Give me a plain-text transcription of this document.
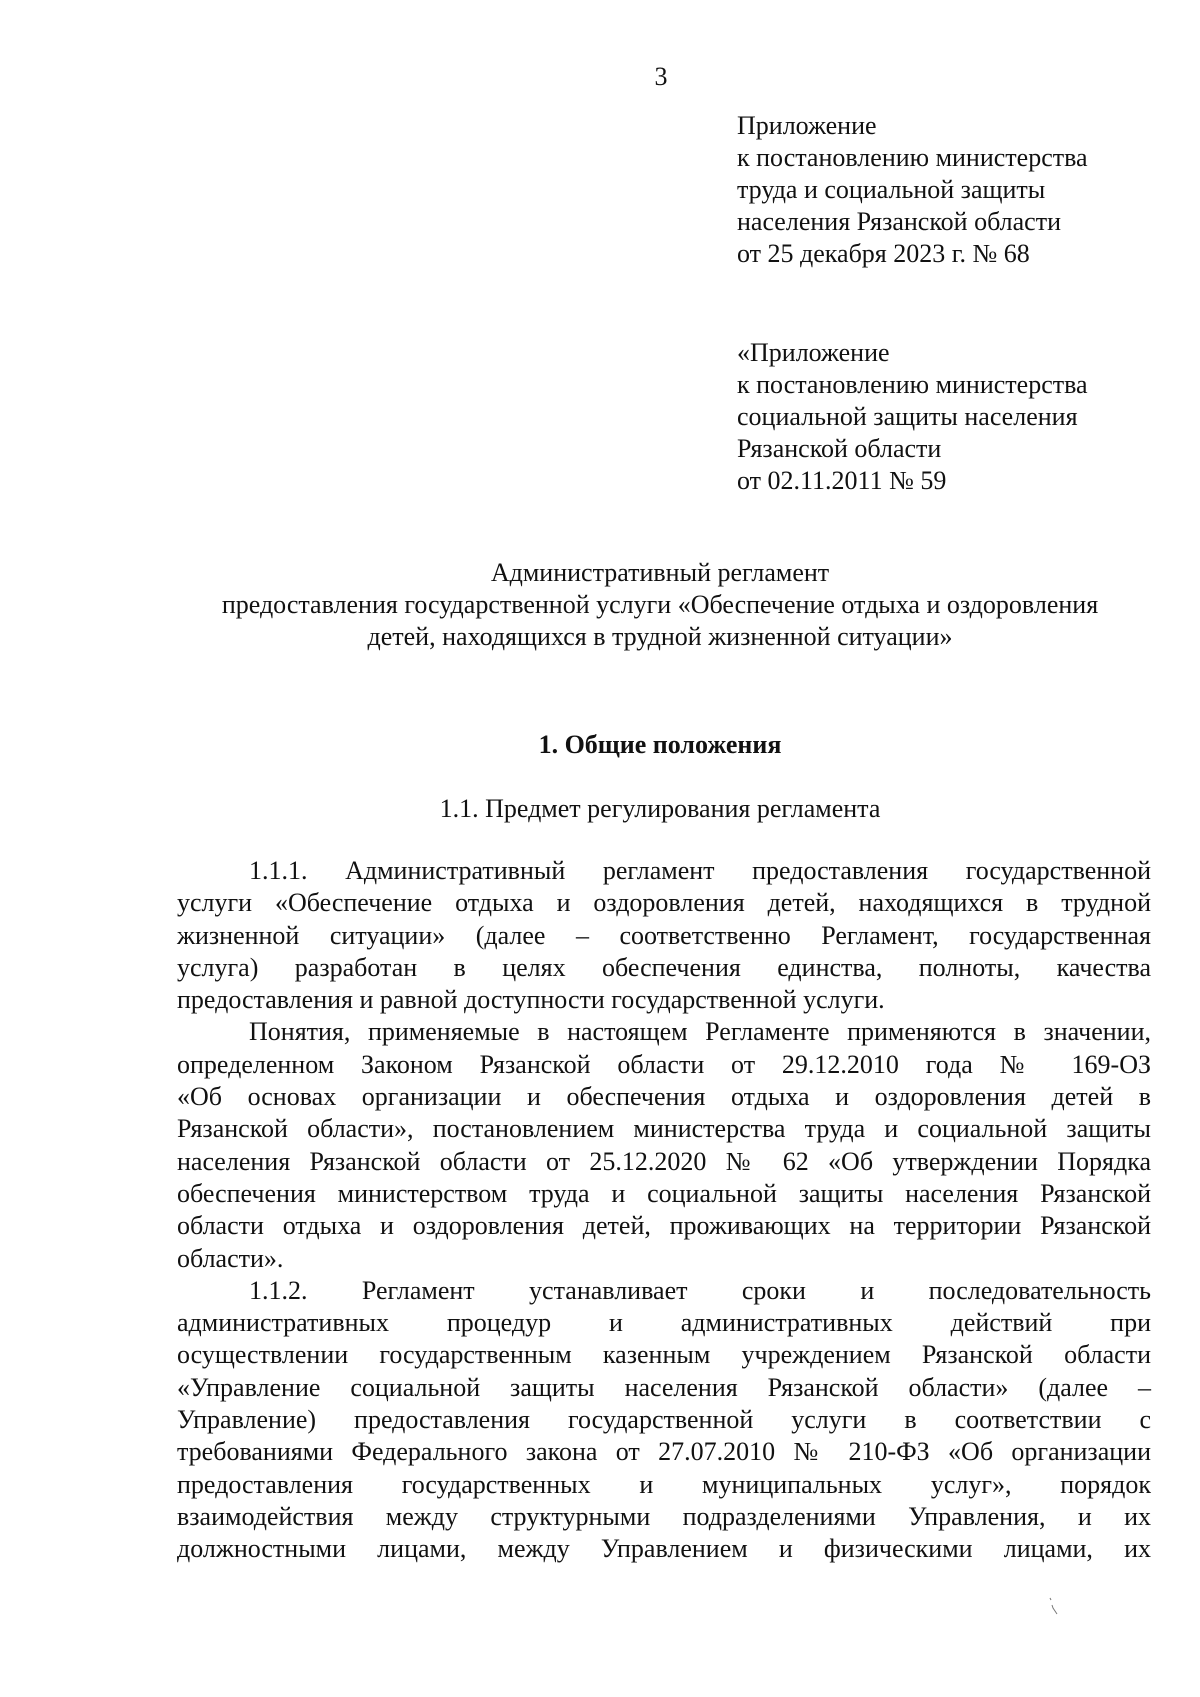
3
Приложение
к постановлению министерства
труда и социальной защиты
населения Рязанской области
от 25 декабря 2023 г. № 68
«Приложение
к постановлению министерства
социальной защиты населения
Рязанской области
от 02.11.2011 № 59
Административный регламент
предоставления государственной услуги «Обеспечение отдыха и оздоровления
детей, находящихся в трудной жизненной ситуации»
1. Общие положения
1.1. Предмет регулирования регламента
1.1.1. Административный регламент предоставления государственной
услуги «Обеспечение отдыха и оздоровления детей, находящихся в трудной
жизненной ситуации» (далее – соответственно Регламент, государственная
услуга) разработан в целях обеспечения единства, полноты, качества
предоставления и равной доступности государственной услуги.
Понятия, применяемые в настоящем Регламенте применяются в значении,
определенном Законом Рязанской области от 29.12.2010 года № 169-ОЗ
«Об основах организации и обеспечения отдыха и оздоровления детей в
Рязанской области», постановлением министерства труда и социальной защиты
населения Рязанской области от 25.12.2020 № 62 «Об утверждении Порядка
обеспечения министерством труда и социальной защиты населения Рязанской
области отдыха и оздоровления детей, проживающих на территории Рязанской
области».
1.1.2. Регламент устанавливает сроки и последовательность
административных процедур и административных действий при
осуществлении государственным казенным учреждением Рязанской области
«Управление социальной защиты населения Рязанской области» (далее –
Управление) предоставления государственной услуги в соответствии с
требованиями Федерального закона от 27.07.2010 № 210-ФЗ «Об организации
предоставления государственных и муниципальных услуг», порядок
взаимодействия между структурными подразделениями Управления, и их
должностными лицами, между Управлением и физическими лицами, их
